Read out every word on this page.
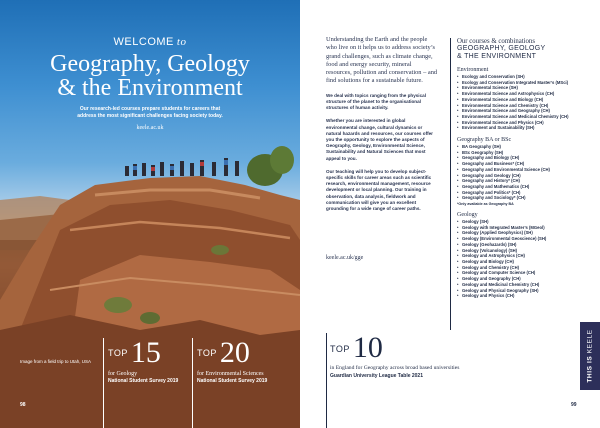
WELCOME to
Geography, Geology
& the Environment

Our research-led courses prepare students for careers that address the most significant challenges facing society today.

keele.ac.uk
Image from a field trip to Utah, USA
98
TOP 15
for Geology
National Student Survey 2019
TOP 20
for Environmental Sciences
National Student Survey 2019

Understanding the Earth and the people who live on it helps us to address society’s grand challenges, such as climate change, food and energy security, mineral resources, pollution and conservation – and find solutions for a sustainable future.

We deal with topics ranging from the physical structure of the planet to the organisational structures of human activity.

Whether you are interested in global environmental change, cultural dynamics or natural hazards and resources, our courses offer you the opportunity to explore the aspects of Geography, Geology, Environmental Science, Sustainability and Natural Sciences that most appeal to you.

Our teaching will help you to develop subject-specific skills for career areas such as scientific research, environmental management, resource development or local planning. Our training in observation, data analysis, fieldwork and communication will give you an excellent grounding for a wide range of career paths.

keele.ac.uk/gge
Our courses & combinations
GEOGRAPHY, GEOLOGY
& THE ENVIRONMENT
Environment
• Ecology and Conservation (SH)
• Ecology and Conservation Integrated Master’s (MSci)
• Environmental Science (SH)
• Environmental Science and Astrophysics (CH)
• Environmental Science and Biology (CH)
• Environmental Science and Chemistry (CH)
• Environmental Science and Geography (CH)
• Environmental Science and Medicinal Chemistry (CH)
• Environmental Science and Physics (CH)
• Environment and Sustainability (SH)
Geography BA or BSc
• BA Geography (SH)
• BSc Geography (SH)
• Geography and Biology (CH)
• Geography and Business* (CH)
• Geography and Environmental Science (CH)
• Geography and Geology (CH)
• Geography and History* (CH)
• Geography and Mathematics (CH)
• Geography and Politics* (CH)
• Geography and Sociology* (CH)
*Only available as Geography BA
Geology
• Geology (SH)
• Geology with Integrated Master’s (MGeol)
• Geology (Applied Geophysics) (SH)
• Geology (Environmental Geoscience) (SH)
• Geology (Geohazards) (SH)
• Geology (Volcanology) (SH)
• Geology and Astrophysics (CH)
• Geology and Biology (CH)
• Geology and Chemistry (CH)
• Geology and Computer Science (CH)
• Geology and Geography (CH)
• Geology and Medicinal Chemistry (CH)
• Geology and Physical Geography (SH)
• Geology and Physics (CH)
TOP 10
in England for Geography across broad based universities
Guardian University League Table 2021	THIS IS KEELE
99
